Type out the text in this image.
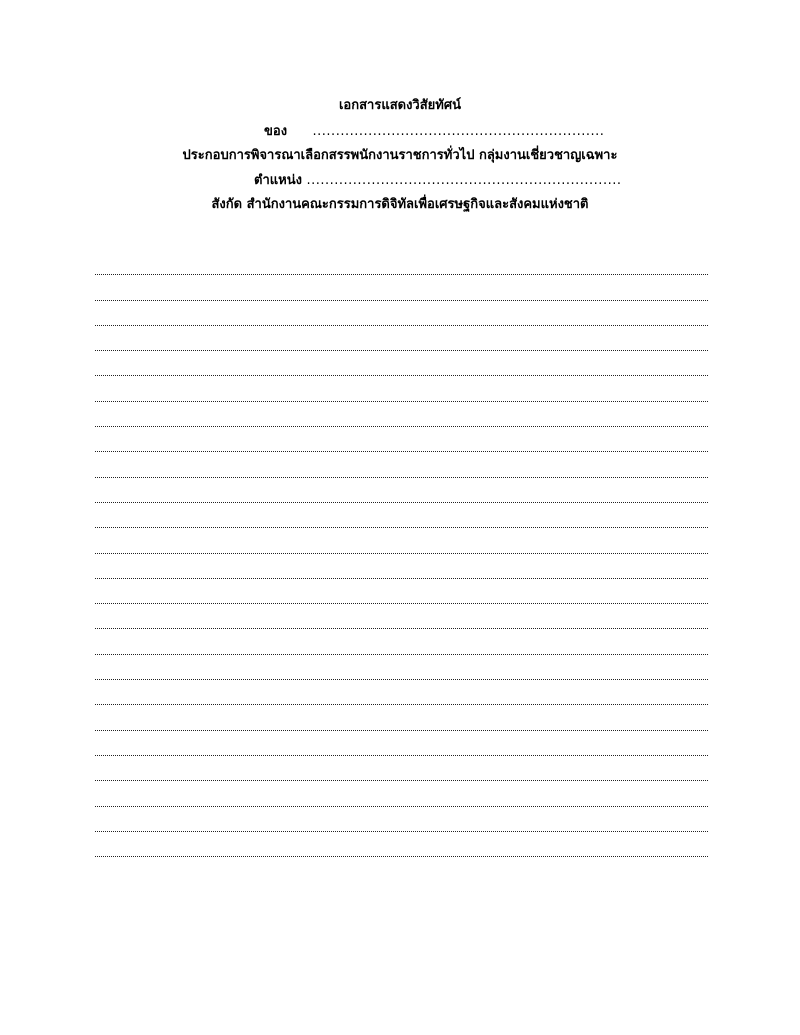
เอกสารแสดงวิสัยทัศน์
ของ ...............................................................
ประกอบการพิจารณาเลือกสรรพนักงานราชการทั่วไป กลุ่มงานเชี่ยวชาญเฉพาะ
ตำแหน่ง ....................................................................
สังกัด สำนักงานคณะกรรมการดิจิทัลเพื่อเศรษฐกิจและสังคมแห่งชาติ
